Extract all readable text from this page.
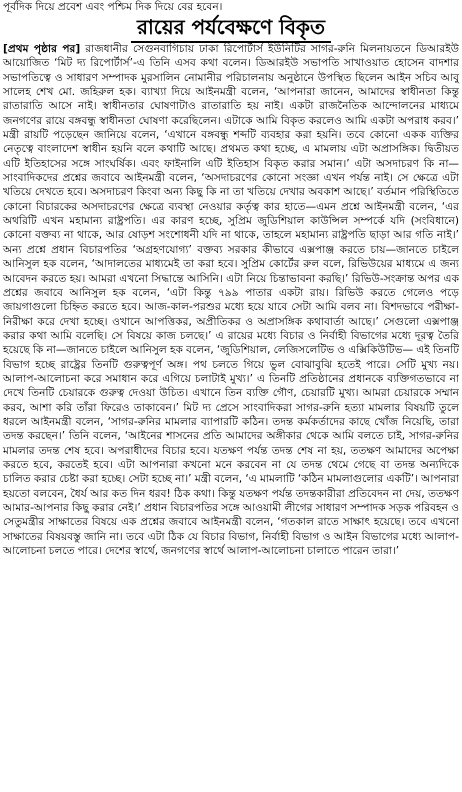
পূর্বদিক দিয়ে প্রবেশ এবং পশ্চিম দিক দিয়ে বের হবেন।

রায়ের পর্যবেক্ষণে বিকৃত

[প্রথম পৃষ্ঠার পর] রাজধানীর সেগুনবাগিচায় ঢাকা রিপোর্টার্স ইউনিটির সাগর-রুনি মিলনায়তনে ডিআরইউ আয়োজিত ‘মিট দ্য রিপোর্টার্স’-এ তিনি এসব কথা বলেন। ডিআরইউ সভাপতি সাখাওয়াত হোসেন বাদশার সভাপতিত্বে ও সাধারণ সম্পাদক মুরসালিন নোমানীর পরিচালনায় অনুষ্ঠানে উপস্থিত ছিলেন আইন সচিব আবু সালেহ শেখ মো. জহিরুল হক। ব্যাখ্যা দিয়ে আইনমন্ত্রী বলেন, ‘আপনারা জানেন, আমাদের স্বাধীনতা কিন্তু রাতারাতি আসে নাই। স্বাধীনতার ঘোষণাটাও রাতারাতি হয় নাই। একটা রাজনৈতিক আন্দোলনের মাধ্যমে জনগণের রায়ে বঙ্গবন্ধু স্বাধীনতা ঘোষণা করেছিলেন। এটাকে আমি বিকৃত করলেও আমি একটা অপরাধ করব।’ মন্ত্রী রায়টি পড়েছেন জানিয়ে বলেন, ‘এখানে বঙ্গবন্ধু শব্দটি ব্যবহার করা হয়নি। তবে কোনো একক ব্যক্তির নেতৃত্বে বাংলাদেশ স্বাধীন হয়নি বলে কথাটি আছে। প্রথমত কথা হচ্ছে, এ মামলায় এটা অপ্রাসঙ্গিক। দ্বিতীয়ত এটি ইতিহাসের সঙ্গে সাংঘর্ষিক। এবং ফাইনালি এটি ইতিহাস বিকৃত করার সমান।’ এটা অসদাচরণ কি না—সাংবাদিকদের প্রশ্নের জবাবে আইনমন্ত্রী বলেন, ‘অসদাচরণের কোনো সংজ্ঞা এখন পর্যন্ত নাই। সে ক্ষেত্রে এটা খতিয়ে দেখতে হবে। অসদাচরণ কিংবা অন্য কিছু কি না তা খতিয়ে দেখার অবকাশ আছে।’ বর্তমান পরিস্থিতিতে কোনো বিচারকের অসদাচরণের ক্ষেত্রে ব্যবস্থা নেওয়ার কর্তৃত্ব কার হাতে—এমন প্রশ্নে আইনমন্ত্রী বলেন, ‘এর অথরিটি এখন মহামান্য রাষ্ট্রপতি। এর কারণ হচ্ছে, সুপ্রিম জুডিশিয়াল কাউন্সিল সম্পর্কে যদি (সংবিধানে) কোনো বক্তব্য না থাকে, আর ষোড়শ সংশোধনী যদি না থাকে, তাহলে মহামান্য রাষ্ট্রপতি ছাড়া আর গতি নাই।’ অন্য প্রশ্নে প্রধান বিচারপতির ‘অগ্রহণযোগ্য’ বক্তব্য সরকার কীভাবে এক্সপাঞ্জ করতে চায়—জানতে চাইলে আনিসুল হক বলেন, ‘আদালতের মাধ্যমেই তা করা হবে। সুপ্রিম কোর্টের রুল বলে, রিভিউয়ের মাধ্যমে এ জন্য আবেদন করতে হয়। আমরা এখনো সিদ্ধান্তে আসিনি। এটা নিয়ে চিন্তাভাবনা করছি।’ রিভিউ-সংক্রান্ত অপর এক প্রশ্নের জবাবে আনিসুল হক বলেন, ‘এটা কিন্তু ৭৯৯ পাতার একটা রায়। রিভিউ করতে গেলেও পড়ে জায়গাগুলো চিহ্নিত করতে হবে। আজ-কাল-পরশুর মধ্যে হয়ে যাবে সেটা আমি বলব না। বিশদভাবে পরীক্ষা-নিরীক্ষা করে দেখা হচ্ছে। ওখানে আপত্তিকর, অপ্রীতিকর ও অপ্রাসঙ্গিক কথাবার্তা আছে।’ সেগুলো এক্সপাঞ্জ করার কথা আমি বলেছি। সে বিষয়ে কাজ চলছে।’ এ রায়ের মধ্যে বিচার ও নির্বাহী বিভাগের মধ্যে দূরত্ব তৈরি হয়েছে কি না—জানতে চাইলে আনিসুল হক বলেন, ‘জুডিশিয়াল, লেজিসলেটিভ ও এক্সিকিউটিভ— এই তিনটি বিভাগ হচ্ছে রাষ্ট্রের তিনটি গুরুত্বপূর্ণ অঙ্গ। পথ চলতে গিয়ে ভুল বোঝাবুঝি হতেই পারে। সেটি মুখ্য নয়। আলাপ-আলোচনা করে সমাধান করে এগিয়ে চলাটাই মুখ্য।’ এ তিনটি প্রতিষ্ঠানের প্রধানকে ব্যক্তিগতভাবে না দেখে তিনটি চেয়ারকে গুরুত্ব দেওয়া উচিত। এখানে তিন ব্যক্তি গৌণ, চেয়ারটি মুখ্য। আমরা চেয়ারকে সম্মান করব, আশা করি তাঁরা ফিরেও তাকাবেন।’ মিট দ্য প্রেসে সাংবাদিকরা সাগর-রুনি হত্যা মামলার বিষয়টি তুলে ধরলে আইনমন্ত্রী বলেন, ‘সাগর-রুনির মামলার ব্যাপারটি কঠিন। তদন্ত কর্মকর্তাদের কাছে খোঁজ নিয়েছি, তারা তদন্ত করছেন।’ তিনি বলেন, ‘আইনের শাসনের প্রতি আমাদের অঙ্গীকার থেকে আমি বলতে চাই, সাগর-রুনির মামলার তদন্ত শেষ হবে। অপরাধীদের বিচার হবে। যতক্ষণ পর্যন্ত তদন্ত শেষ না হয়, ততক্ষণ আমাদের অপেক্ষা করতে হবে, করতেই হবে। এটা আপনারা কখনো মনে করবেন না যে তদন্ত থেমে গেছে বা তদন্ত অন্যদিকে চালিত করার চেষ্টা করা হচ্ছে। সেটা হচ্ছে না।’ মন্ত্রী বলেন, ‘এ মামলাটি ‘কঠিন মামলাগুলোর একটি’। আপনারা হয়তো বলবেন, ধৈর্য আর কত দিন ধরব! ঠিক কথা। কিন্তু যতক্ষণ পর্যন্ত তদন্তকারীরা প্রতিবেদন না দেয়, ততক্ষণ আমার-আপনার কিছু করার নেই।’ প্রধান বিচারপতির সঙ্গে আওয়ামী লীগের সাধারণ সম্পাদক সড়ক পরিবহন ও সেতুমন্ত্রীর সাক্ষাতের বিষয়ে এক প্রশ্নের জবাবে আইনমন্ত্রী বলেন, ‘গতকাল রাতে সাক্ষাৎ হয়েছে। তবে এখনো সাক্ষাতের বিষয়বস্তু জানি না। তবে এটা ঠিক যে বিচার বিভাগ, নির্বাহী বিভাগ ও আইন বিভাগের মধ্যে আলাপ-আলোচনা চলতে পারে। দেশের স্বার্থে, জনগণের স্বার্থে আলাপ-আলোচনা চালাতে পারেন তারা।’
